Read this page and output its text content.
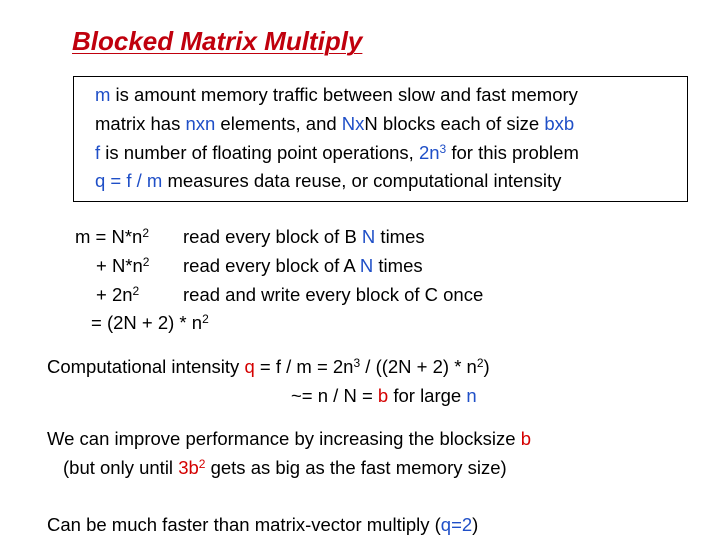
Blocked Matrix Multiply
m is amount memory traffic between slow and fast memory
matrix has nxn elements, and NxN blocks each of size bxb
f is number of floating point operations, $2n^3$ for this problem
q = f / m measures data reuse, or computational intensity
$m = N*n^2$ read every block of B N times
+ $N*n^2$ read every block of A N times
+ $2n^2$ read and write every block of C once
= $(2N + 2) * n^2$
Computational intensity $q = f / m = 2n^3 / ((2N + 2) * n^2)$
~= n / N = b for large n
We can improve performance by increasing the blocksize b
(but only until $3b^2$ gets as big as the fast memory size)
Can be much faster than matrix-vector multiply (q=2)
